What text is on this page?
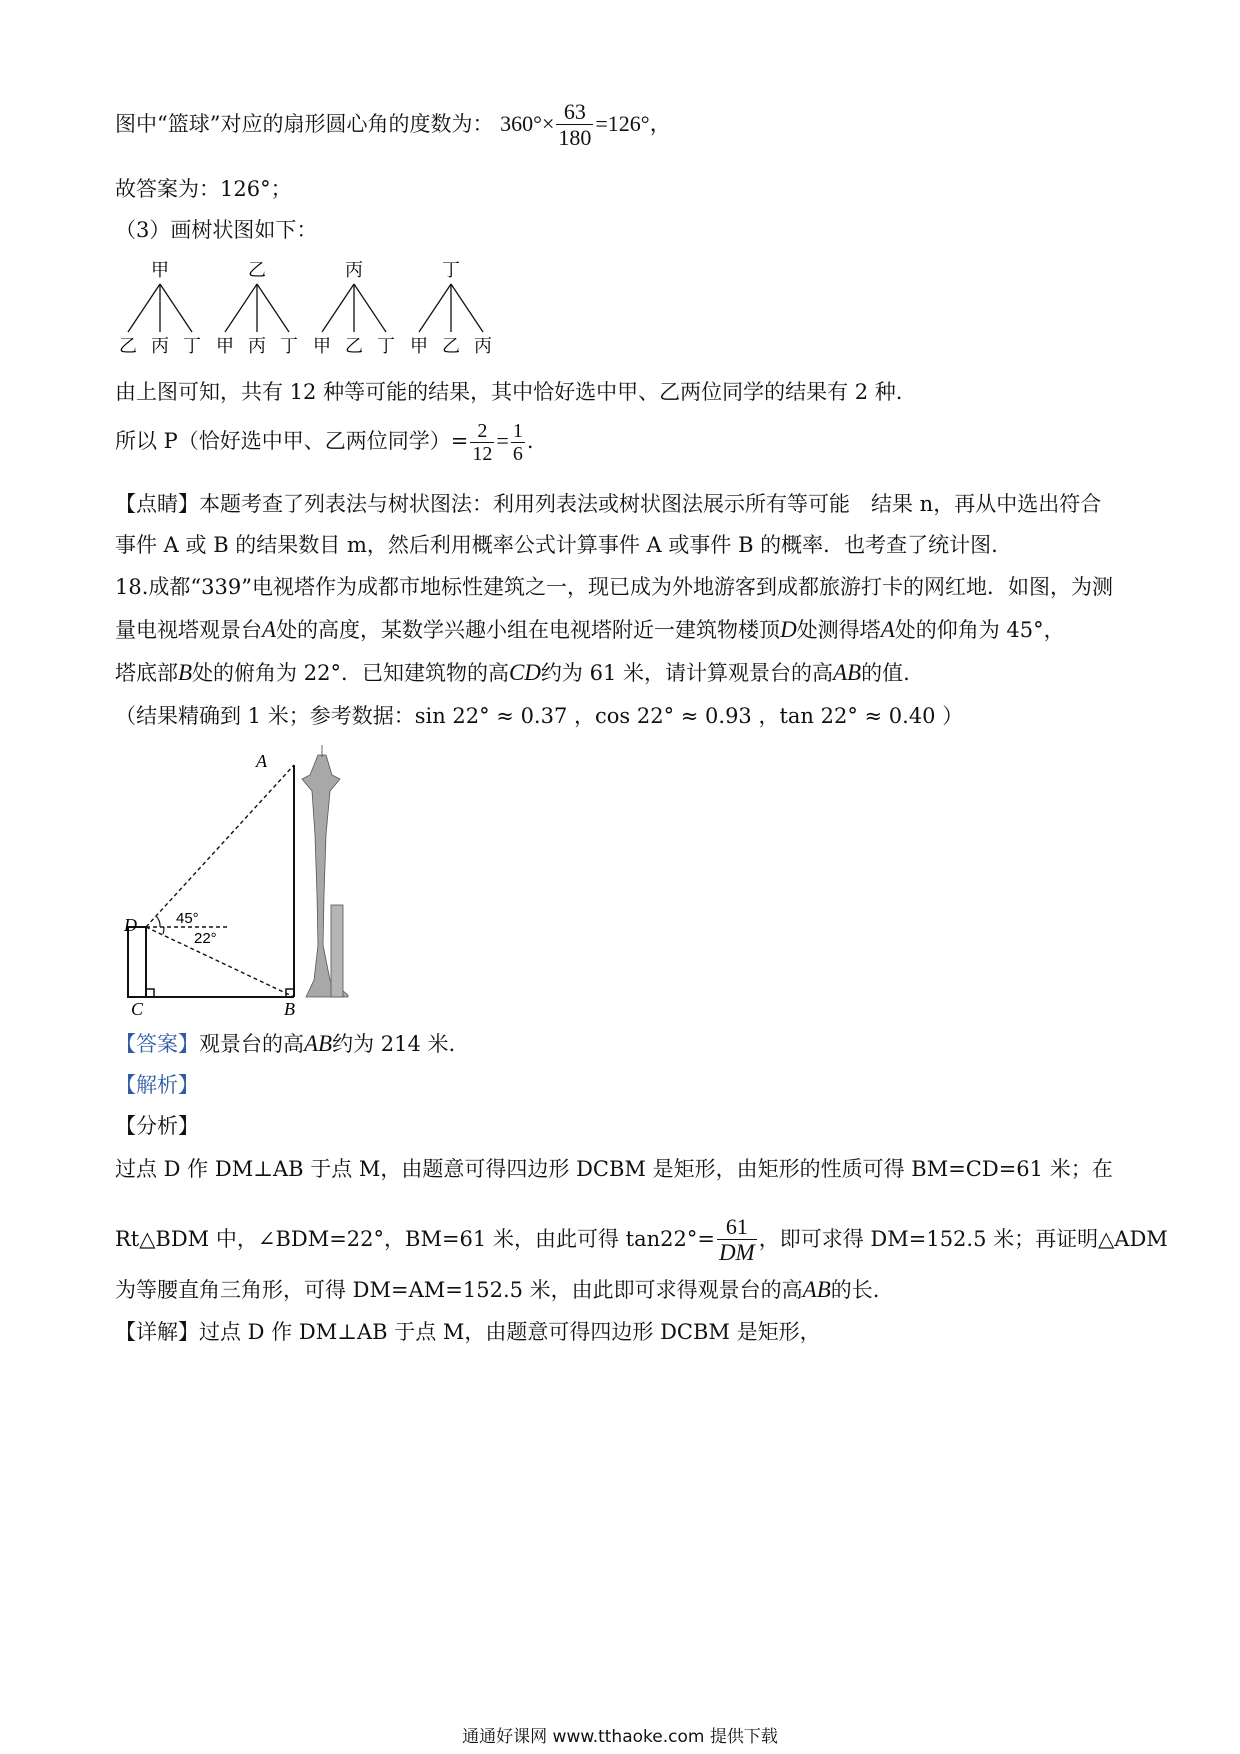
图中“篮球”对应的扇形圆心角的度数为： $360^\circ\times \frac{63}{180} =126^\circ$，
故答案为：126°；
（3）画树状图如下：
甲
乙 丙 丁
乙
甲 丙 丁
丙
甲 乙 丁
丁
甲 乙 丙
由上图可知，共有 12 种等可能的结果，其中恰好选中甲、乙两位同学的结果有 2 种.
所以 P（恰好选中甲、乙两位同学）= $\frac{2}{12} = \frac{1}{6}$ .
【点睛】本题考查了列表法与树状图法：利用列表法或树状图法展示所有等可能　结果 n，再从中选出符合
事件 A 或 B 的结果数目 m，然后利用概率公式计算事件 A 或事件 B 的概率．也考查了统计图.
18.成都“339”电视塔作为成都市地标性建筑之一，现已成为外地游客到成都旅游打卡的网红地．如图，为测
量电视塔观景台A处的高度，某数学兴趣小组在电视塔附近一建筑物楼顶D处测得塔A处的仰角为 45°，
塔底部B处的俯角为 22°．已知建筑物的高CD约为 61 米，请计算观景台的高AB的值.
（结果精确到 1 米；参考数据：sin 22° ≈ 0.37 ，cos 22° ≈ 0.93 ，tan 22° ≈ 0.40 ）
A
D
C	B
45°
22°
【答案】观景台的高AB约为 214 米.
【解析】
【分析】
过点 D 作 DM⊥AB 于点 M，由题意可得四边形 DCBM 是矩形，由矩形的性质可得 BM=CD=61 米；在
Rt△BDM 中，∠BDM=22°，BM=61 米，由此可得 $\tan 22^\circ= \frac{61}{DM}$ ，即可求得 DM=152.5 米；再证明△ADM
为等腰直角三角形，可得 DM=AM=152.5 米，由此即可求得观景台的高AB的长.
【详解】过点 D 作 DM⊥AB 于点 M，由题意可得四边形 DCBM 是矩形，
通通好课网 www.tthaoke.com 提供下载
